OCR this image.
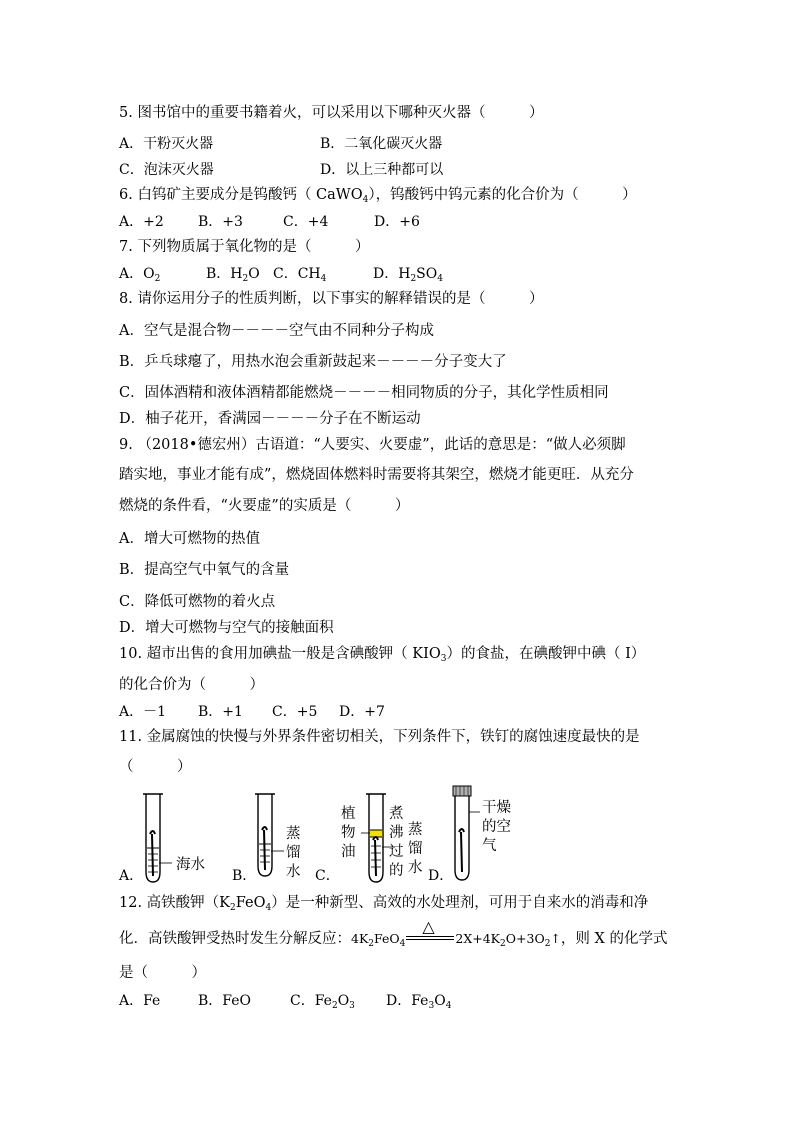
5. 图书馆中的重要书籍着火，可以采用以下哪种灭火器（　　　）
A．干粉灭火器	B．二氧化碳灭火器
C．泡沫灭火器	D．以上三种都可以
6. 白钨矿主要成分是钨酸钙（ CaWO$_4$），钨酸钙中钨元素的化合价为（　　　）
A．+2 B．+3	C．+4	D．+6
7. 下列物质属于氧化物的是（　　　）
A．$O_2$	B．$H_2O$ C．$CH_4$	D．$H_2SO_4$
8. 请你运用分子的性质判断，以下事实的解释错误的是（　　　）
A．空气是混合物－－－－空气由不同种分子构成
B．乒乓球瘪了，用热水泡会重新鼓起来－－－－分子变大了
C．固体酒精和液体酒精都能燃烧－－－－相同物质的分子，其化学性质相同
D．柚子花开，香满园－－－－分子在不断运动
9. （2018•德宏州）古语道：“人要实、火要虚”，此话的意思是：“做人必须脚
踏实地，事业才能有成”，燃烧固体燃料时需要将其架空，燃烧才能更旺．从充分
燃烧的条件看，“火要虚”的实质是（　　　）
A．增大可燃物的热值
B．提高空气中氧气的含量
C．降低可燃物的着火点
D．增大可燃物与空气的接触面积
10. 超市出售的食用加碘盐一般是含碘酸钾（ $KIO_3$）的食盐，在碘酸钾中碘（ I）
的化合价为（　　　）
A．－1 B．+1 C．+5 D．+7
11. 金属腐蚀的快慢与外界条件密切相关，下列条件下，铁钉的腐蚀速度最快的是
（　　　）
海水
A．
蒸
馏
水
B．
植
物
油
煮
沸
过
的
蒸
馏
水
C．
干燥
的空
气
D．
12. 高铁酸钾$(K_2FeO_4)$是一种新型、高效的水处理剂，可用于自来水的消毒和净
化．高铁酸钾受热时发生分解反应：$4K_2FeO_4$
△
$2X+4K_2O+3O_2↑$，则 X 的化学式
是（　　　）
A．Fe	B．FeO	C．$Fe_2O_3$ D．$Fe_3O_4$
